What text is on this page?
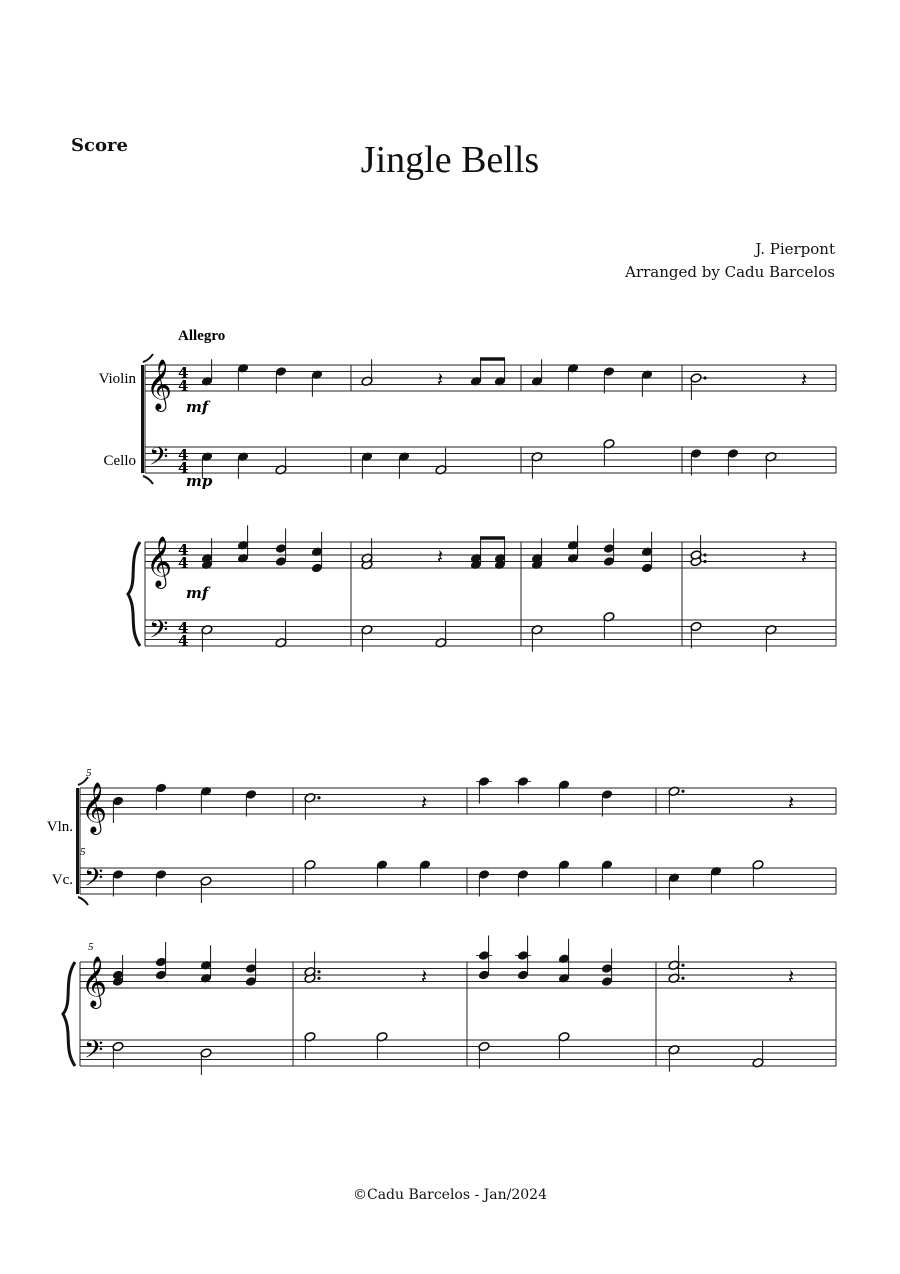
Score	Jingle Bells
J. Pierpont
Arranged by Cadu Barcelos
©Cadu Barcelos - Jan/2024
Allegro
Violin
Cello
Vln.
Vc.
5
5
5
mf
mp
mf
𝄞
𝄢
𝄞
𝄢
4
4
4
4
4
4
4
4
𝄞
𝄢
𝄞
𝄢
𝄽	𝄽
𝄽	𝄽
𝄽	𝄽
𝄽	𝄽
